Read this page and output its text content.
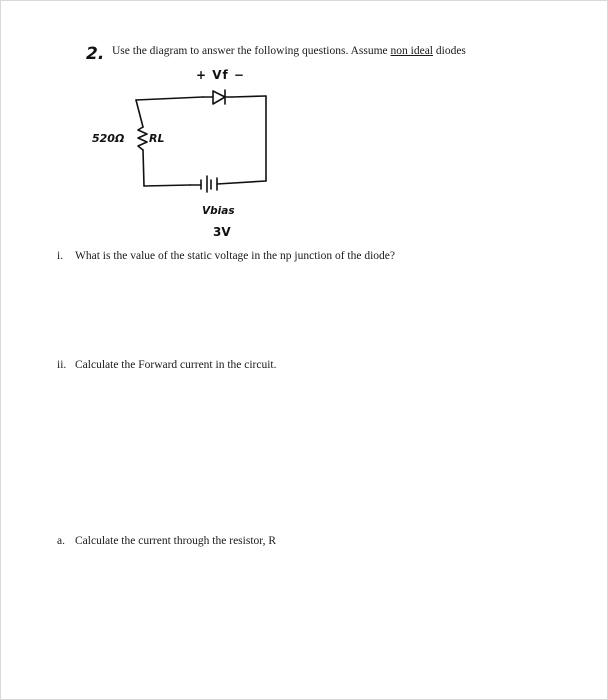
2. Use the diagram to answer the following questions. Assume non ideal diodes
+ Vf −
520Ω RL
Vbias
3V
i. What is the value of the static voltage in the np junction of the diode?
ii. Calculate the Forward current in the circuit.
a. Calculate the current through the resistor, R
